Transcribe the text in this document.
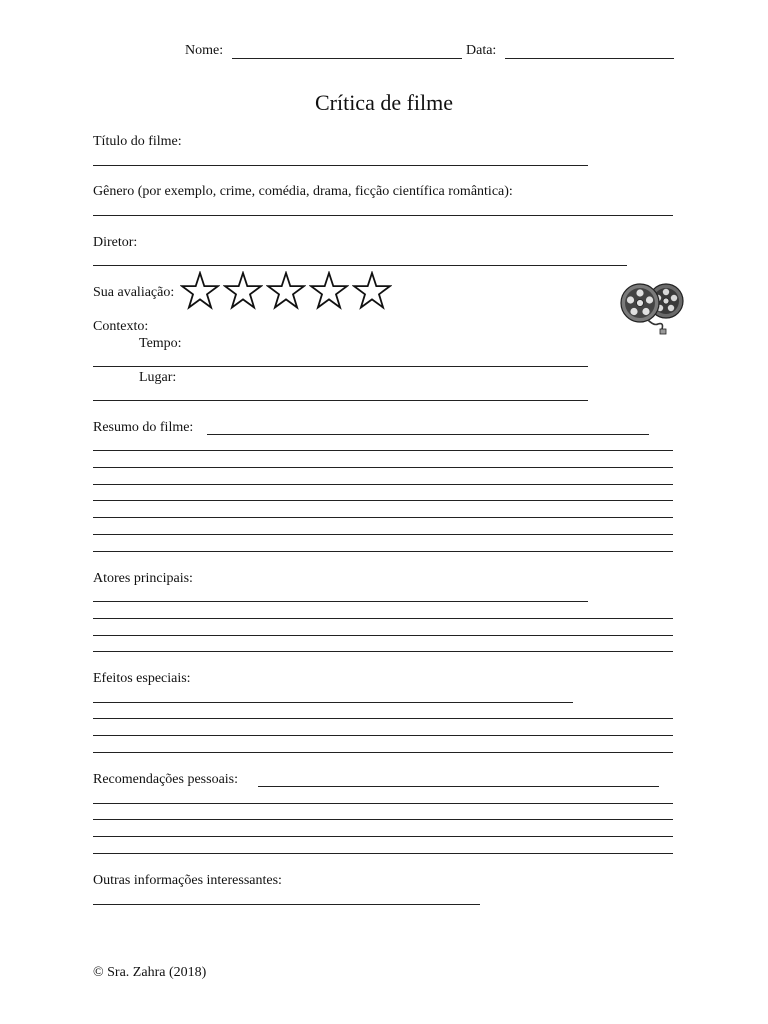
Nome:	Data:
Crítica de filme
Título do filme:
Gênero (por exemplo, crime, comédia, drama, ficção científica romântica):
Diretor:
Sua avaliação:
Contexto:
Tempo:
Lugar:
Resumo do filme:
Atores principais:
Efeitos especiais:
Recomendações pessoais:
Outras informações interessantes:
© Sra. Zahra (2018)
